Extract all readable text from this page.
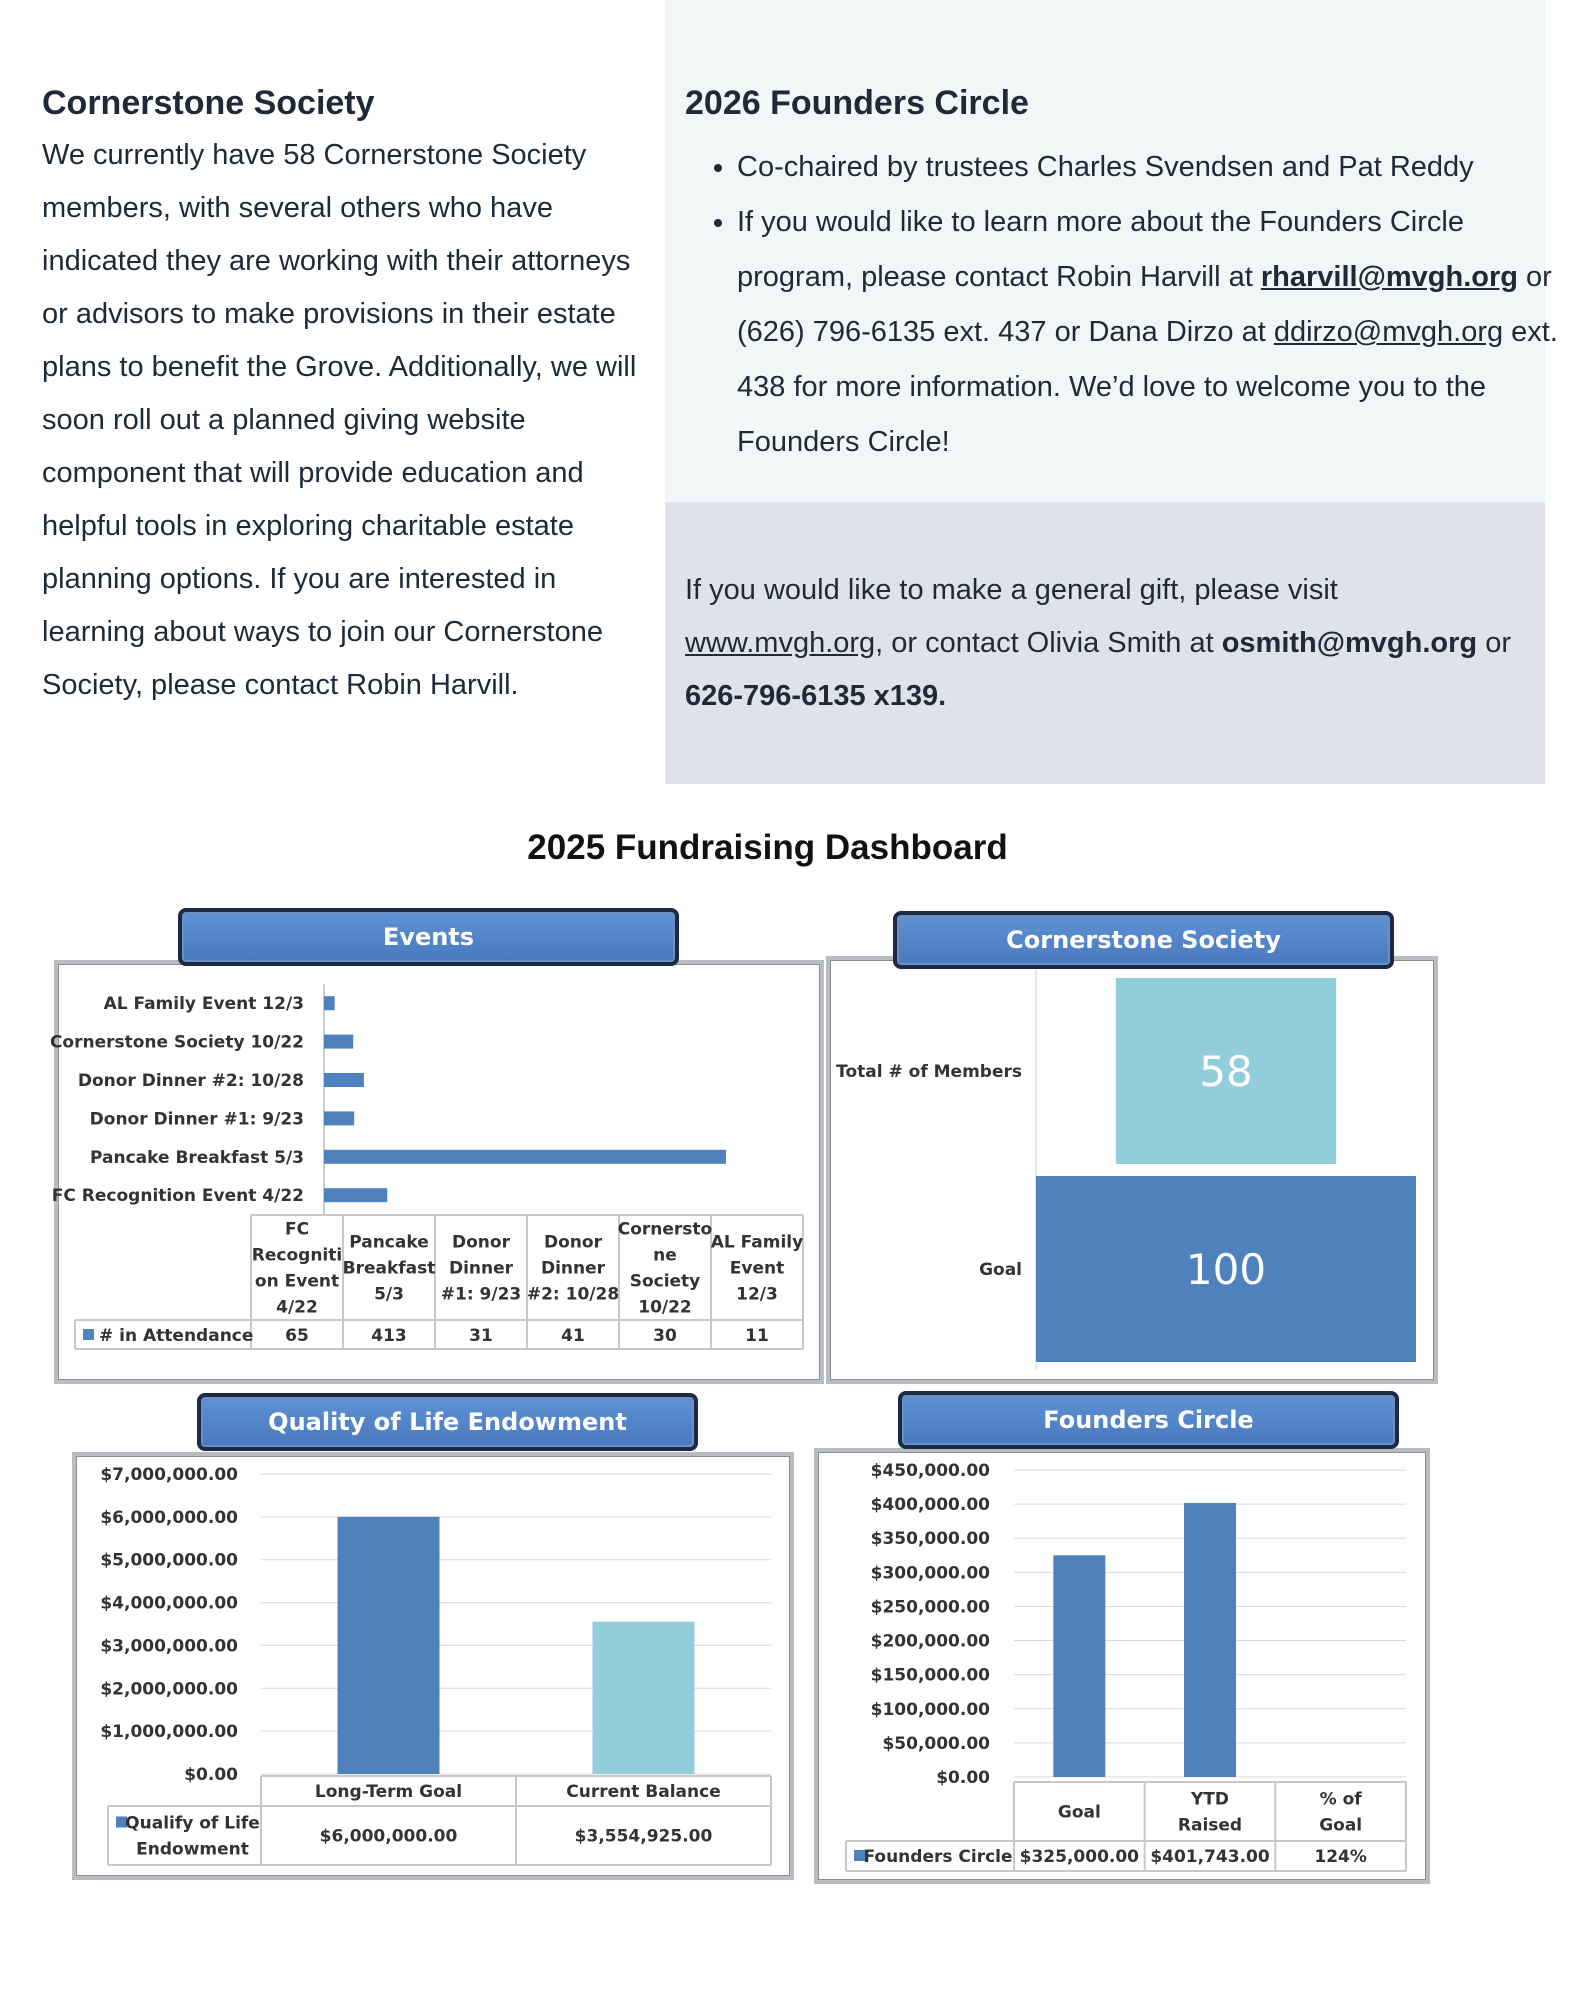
Cornerstone Society

We currently have 58 Cornerstone Society members, with several others who have indicated they are working with their attorneys or advisors to make provisions in their estate plans to benefit the Grove. Additionally, we will soon roll out a planned giving website component that will provide education and helpful tools in exploring charitable estate planning options. If you are interested in learning about ways to join our Cornerstone Society, please contact Robin Harvill.

2026 Founders Circle
• Co-chaired by trustees Charles Svendsen and Pat Reddy
• If you would like to learn more about the Founders Circle program, please contact Robin Harvill at rharvill@mvgh.org or (626) 796-6135 ext. 437 or Dana Dirzo at ddirzo@mvgh.org ext. 438 for more information. We’d love to welcome you to the Founders Circle!

If you would like to make a general gift, please visit www.mvgh.org, or contact Olivia Smith at osmith@mvgh.org or 626-796-6135 x139.

2025 Fundraising Dashboard
FC Recognition Event 4/22
Pancake Breakfast 5/3
Donor Dinner #1: 9/23
Donor Dinner #2: 10/28
Cornerstone Society 10/22
AL Family Event 12/3
# in Attendance
FC Recogniti on Event 4/22
65
Pancake Breakfast 5/3
413
Donor Dinner #1: 9/23
31
Donor Dinner #2: 10/28
41
Cornersto ne Society 10/22
30
AL Family Event 12/3
11
Events
Total # of Members	58
Goal	100
Cornerstone Society
$0.00
$1,000,000.00
$2,000,000.00
$3,000,000.00
$4,000,000.00
$5,000,000.00
$6,000,000.00
$7,000,000.00
Long-Term Goal
$6,000,000.00
Current Balance
$3,554,925.00
Qualify of Life Endowment
Quality of Life Endowment
$0.00
$50,000.00
$100,000.00
$150,000.00
$200,000.00
$250,000.00
$300,000.00
$350,000.00
$400,000.00
$450,000.00
Goal
$325,000.00
YTD Raised
$401,743.00
% of Goal
124%
Founders Circle
Founders Circle
